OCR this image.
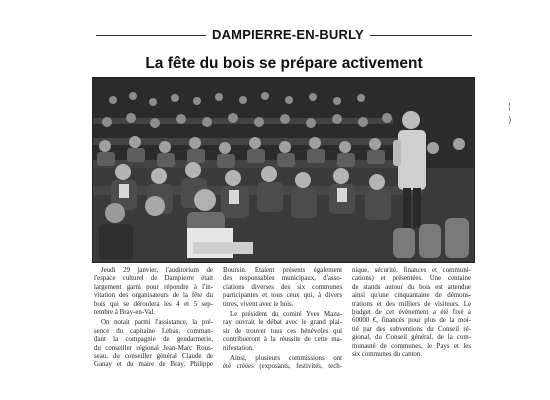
DAMPIERRE-EN-BURLY
La fête du bois se prépare activement
¦ )
Jeudi 29 janvier, l'auditorium de
l'espace culturel de Dampierre était
largement garni pour répondre à l'in-
vitation des organisateurs de la fête du
bois qui se déroulera les 4 et 5 sep-
tembre à Bray-en-Val.
On notait parmi l'assistance, la pré-
sence du capitaine Lebas, comman-
dant la compagnie de gendarmerie,
du conseiller régional Jean-Marc Rous-
seau, du conseiller général Claude de
Ganay et du maire de Bray, Philippe
Boursin. Etaient présents également
des responsables municipaux, d'asso-
ciations diverses des six communes
participantes et tous ceux qui, à divers
titres, vivent avec le bois.
Le président du comité Yves Mazu-
ray ouvrait le débat avec le grand plai-
sir de trouver tous ces bénévoles qui
contribueront à la réussite de cette ma-
nifestation.
Ainsi, plusieurs commissions ont
été créées (exposants, festivités, tech-
nique, sécurité, finances et communi-
cations) et présentées. Une centaine
de stands autour du bois est attendue
ainsi qu'une cinquantaine de démons-
trations et des milliers de visiteurs. Le
budget de cet évènement a été fixé à
60000 €, financés pour plus de la moi-
tié par des subventions du Conseil ré-
gional, du Conseil général, de la com-
munauté de communes, le Pays et les
six communes du canton.
